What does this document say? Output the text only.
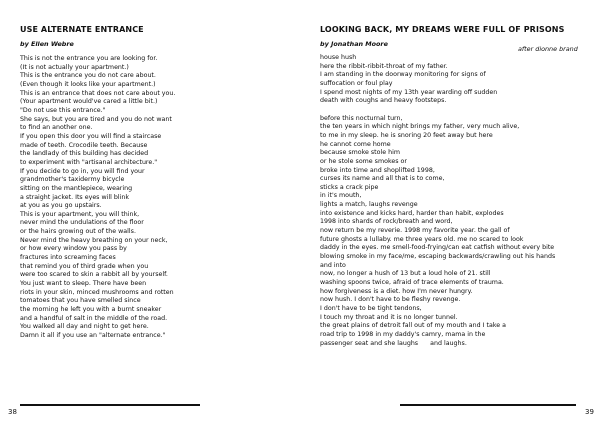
USE ALTERNATE ENTRANCE

by Ellen Webre

This is not the entrance you are looking for.
(It is not actually your apartment.)
This is the entrance you do not care about.
(Even though it looks like your apartment.)
This is an entrance that does not care about you.
(Your apartment would've cared a little bit.)
"Do not use this entrance."
She says, but you are tired and you do not want
to find an another one.
If you open this door you will find a staircase
made of teeth. Crocodile teeth. Because
the landlady of this building has decided
to experiment with "artisanal architecture."
If you decide to go in, you will find your
grandmother's taxidermy bicycle
sitting on the mantlepiece, wearing
a straight jacket. Its eyes will blink
at you as you go upstairs.
This is your apartment, you will think,
never mind the undulations of the floor
or the hairs growing out of the walls.
Never mind the heavy breathing on your neck,
or how every window you pass by
fractures into screaming faces
that remind you of third grade when you
were too scared to skin a rabbit all by yourself.
You just want to sleep. There have been
riots in your skin, minced mushrooms and rotten
tomatoes that you have smelled since
the morning he left you with a burnt sneaker
and a handful of salt in the middle of the road.
You walked all day and night to get here.
Damn it all if you use an "alternate entrance."

38

LOOKING BACK, MY DREAMS WERE FULL OF PRISONS

by Jonathan Moore

after dionne brand

house hush
here the ribbit-ribbit-throat of my father.
I am standing in the doorway monitoring for signs of
suffocation or foul play
I spend most nights of my 13th year warding off sudden
death with coughs and heavy footsteps.
before this nocturnal turn,
the ten years in which night brings my father, very much alive,
to me in my sleep. he is snoring 20 feet away but here
he cannot come home
because smoke stole him
or he stole some smokes or
broke into time and shoplifted 1998,
curses its name and all that is to come,
sticks a crack pipe
in it's mouth,
lights a match, laughs revenge
into existence and kicks hard, harder than habit, explodes
1998 into shards of rock/breath and word,
now return be my reverie. 1998 my favorite year. the gall of
future ghosts a lullaby. me three years old. me no scared to look
daddy in the eyes. me smell-food-frying/can eat catfish without every bite
blowing smoke in my face/me, escaping backwards/crawling out his hands
and into
now, no longer a hush of 13 but a loud hole of 21. still
washing spoons twice, afraid of trace elements of trauma.
how forgiveness is a diet. how I'm never hungry.
now hush. I don't have to be fleshy revenge.
I don't have to be tight tendons,
I touch my throat and it is no longer tunnel.
the great plains of detroit fall out of my mouth and I take a
road trip to 1998 in my daddy's camry, mama in the
passenger seat and she laughs      and laughs.

39
